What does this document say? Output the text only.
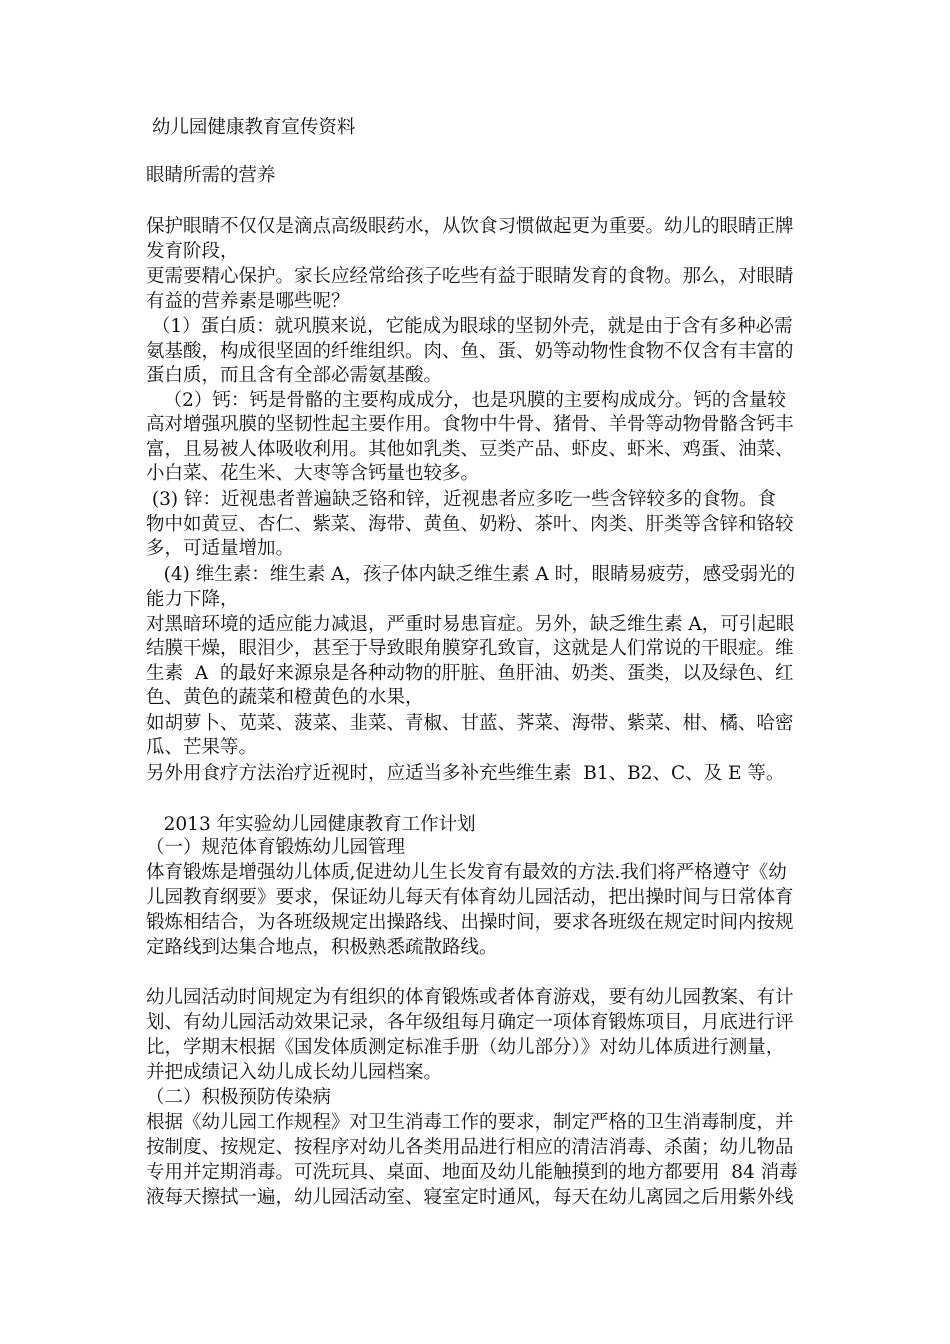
幼儿园健康教育宣传资料
眼睛所需的营养
保护眼睛不仅仅是滴点高级眼药水，从饮食习惯做起更为重要。幼儿的眼睛正牌
发育阶段，
更需要精心保护。家长应经常给孩子吃些有益于眼睛发育的食物。那么，对眼睛
有益的营养素是哪些呢？
（1）蛋白质：就巩膜来说，它能成为眼球的坚韧外壳，就是由于含有多种必需
氨基酸，构成很坚固的纤维组织。肉、鱼、蛋、奶等动物性食物不仅含有丰富的
蛋白质，而且含有全部必需氨基酸。
（2）钙：钙是骨骼的主要构成成分，也是巩膜的主要构成成分。钙的含量较
高对增强巩膜的坚韧性起主要作用。食物中牛骨、猪骨、羊骨等动物骨骼含钙丰
富，且易被人体吸收利用。其他如乳类、豆类产品、虾皮、虾米、鸡蛋、油菜、
小白菜、花生米、大枣等含钙量也较多。
(3) 锌：近视患者普遍缺乏铬和锌，近视患者应多吃一些含锌较多的食物。食
物中如黄豆、杏仁、紫菜、海带、黄鱼、奶粉、茶叶、肉类、肝类等含锌和铬较
多，可适量增加。
(4) 维生素：维生素 A，孩子体内缺乏维生素 A 时，眼睛易疲劳，感受弱光的
能力下降，
对黑暗环境的适应能力减退，严重时易患盲症。另外，缺乏维生素 A，可引起眼
结膜干燥，眼泪少，甚至于导致眼角膜穿孔致盲，这就是人们常说的干眼症。维
生素  A  的最好来源泉是各种动物的肝脏、鱼肝油、奶类、蛋类，以及绿色、红
色、黄色的蔬菜和橙黄色的水果，
如胡萝卜、苋菜、菠菜、韭菜、青椒、甘蓝、荠菜、海带、紫菜、柑、橘、哈密
瓜、芒果等。
另外用食疗方法治疗近视时，应适当多补充些维生素  B1、B2、C、及 E 等。
2013 年实验幼儿园健康教育工作计划
（一）规范体育锻炼幼儿园管理
体育锻炼是增强幼儿体质,促进幼儿生长发育有最效的方法.我们将严格遵守《幼
儿园教育纲要》要求，保证幼儿每天有体育幼儿园活动，把出操时间与日常体育
锻炼相结合，为各班级规定出操路线、出操时间，要求各班级在规定时间内按规
定路线到达集合地点，积极熟悉疏散路线。
幼儿园活动时间规定为有组织的体育锻炼或者体育游戏，要有幼儿园教案、有计
划、有幼儿园活动效果记录，各年级组每月确定一项体育锻炼项目，月底进行评
比，学期末根据《国发体质测定标准手册（幼儿部分）》对幼儿体质进行测量，
并把成绩记入幼儿成长幼儿园档案。
（二）积极预防传染病
根据《幼儿园工作规程》对卫生消毒工作的要求，制定严格的卫生消毒制度，并
按制度、按规定、按程序对幼儿各类用品进行相应的清洁消毒、杀菌；幼儿物品
专用并定期消毒。可洗玩具、桌面、地面及幼儿能触摸到的地方都要用  84 消毒
液每天擦拭一遍，幼儿园活动室、寝室定时通风，每天在幼儿离园之后用紫外线
